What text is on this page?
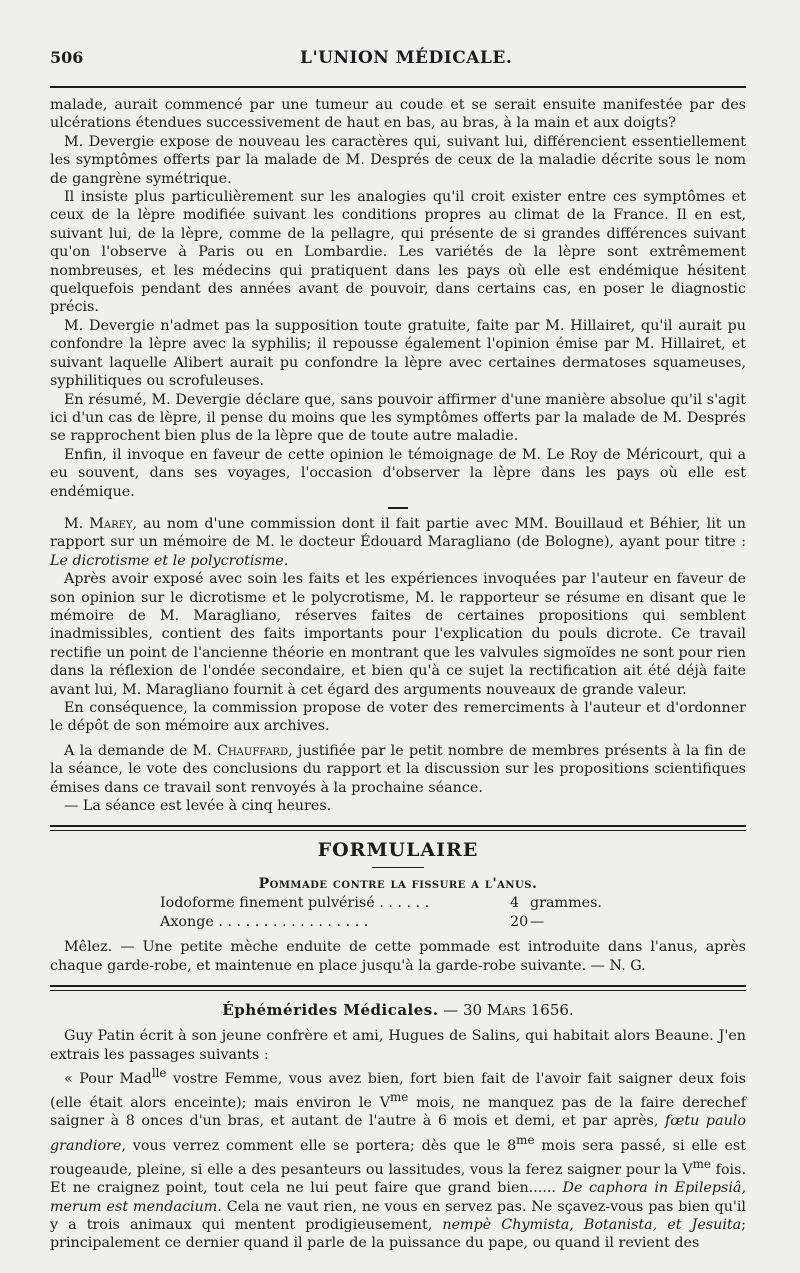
506	L'UNION MÉDICALE.

malade, aurait commencé par une tumeur au coude et se serait ensuite manifestée par des ulcérations étendues successivement de haut en bas, au bras, à la main et aux doigts?

M. Devergie expose de nouveau les caractères qui, suivant lui, différencient essentiellement les symptômes offerts par la malade de M. Després de ceux de la maladie décrite sous le nom de gangrène symétrique.

Il insiste plus particulièrement sur les analogies qu'il croit exister entre ces symptômes et ceux de la lèpre modifiée suivant les conditions propres au climat de la France. Il en est, suivant lui, de la lèpre, comme de la pellagre, qui présente de si grandes différences suivant qu'on l'observe à Paris ou en Lombardie. Les variétés de la lèpre sont extrêmement nombreuses, et les médecins qui pratiquent dans les pays où elle est endémique hésitent quelquefois pendant des années avant de pouvoir, dans certains cas, en poser le diagnostic précis.

M. Devergie n'admet pas la supposition toute gratuite, faite par M. Hillairet, qu'il aurait pu confondre la lèpre avec la syphilis; il repousse également l'opinion émise par M. Hillairet, et suivant laquelle Alibert aurait pu confondre la lèpre avec certaines dermatoses squameuses, syphilitiques ou scrofuleuses.

En résumé, M. Devergie déclare que, sans pouvoir affirmer d'une manière absolue qu'il s'agit ici d'un cas de lèpre, il pense du moins que les symptômes offerts par la malade de M. Després se rapprochent bien plus de la lèpre que de toute autre maladie.

Enfin, il invoque en faveur de cette opinion le témoignage de M. Le Roy de Méricourt, qui a eu souvent, dans ses voyages, l'occasion d'observer la lèpre dans les pays où elle est endémique.

M. Marey, au nom d'une commission dont il fait partie avec MM. Bouillaud et Béhier, lit un rapport sur un mémoire de M. le docteur Édouard Maragliano (de Bologne), ayant pour titre : Le dicrotisme et le polycrotisme.

Après avoir exposé avec soin les faits et les expériences invoquées par l'auteur en faveur de son opinion sur le dicrotisme et le polycrotisme, M. le rapporteur se résume en disant que le mémoire de M. Maragliano, réserves faites de certaines propositions qui semblent inadmissibles, contient des faits importants pour l'explication du pouls dicrote. Ce travail rectifie un point de l'ancienne théorie en montrant que les valvules sigmoïdes ne sont pour rien dans la réflexion de l'ondée secondaire, et bien qu'à ce sujet la rectification ait été déjà faite avant lui, M. Maragliano fournit à cet égard des arguments nouveaux de grande valeur.

En conséquence, la commission propose de voter des remerciments à l'auteur et d'ordonner le dépôt de son mémoire aux archives.

A la demande de M. Chauffard, justifiée par le petit nombre de membres présents à la fin de la séance, le vote des conclusions du rapport et la discussion sur les propositions scientifiques émises dans ce travail sont renvoyés à la prochaine séance.

— La séance est levée à cinq heures.

FORMULAIRE
Pommade contre la fissure a l'anus.
Iodoforme finement pulvérisé . . . . . .	4 grammes.
Axonge . . . . . . . . . . . . . . . . .	20 —

Mêlez. — Une petite mèche enduite de cette pommade est introduite dans l'anus, après chaque garde-robe, et maintenue en place jusqu'à la garde-robe suivante. — N. G.

Éphémérides Médicales. — 30 Mars 1656.

Guy Patin écrit à son jeune confrère et ami, Hugues de Salins, qui habitait alors Beaune. J'en extrais les passages suivants :

« Pour Mad$^{lle}$ vostre Femme, vous avez bien, fort bien fait de l'avoir fait saigner deux fois (elle était alors enceinte); mais environ le $V^{me}$ mois, ne manquez pas de la faire derechef saigner à 8 onces d'un bras, et autant de l'autre à 6 mois et demi, et par après, fœtu paulo grandiore, vous verrez comment elle se portera; dès que le $8^{me}$ mois sera passé, si elle est rougeaude, pleine, si elle a des pesanteurs ou lassitudes, vous la ferez saigner pour la $V^{me}$ fois. Et ne craignez point, tout cela ne lui peut faire que grand bien...... De caphora in Epilepsiâ, merum est mendacium. Cela ne vaut rien, ne vous en servez pas. Ne sçavez-vous pas bien qu'il y a trois animaux qui mentent prodigieusement, nempè Chymista, Botanista, et Jesuita; principalement ce dernier quand il parle de la puissance du pape, ou quand il revient des
